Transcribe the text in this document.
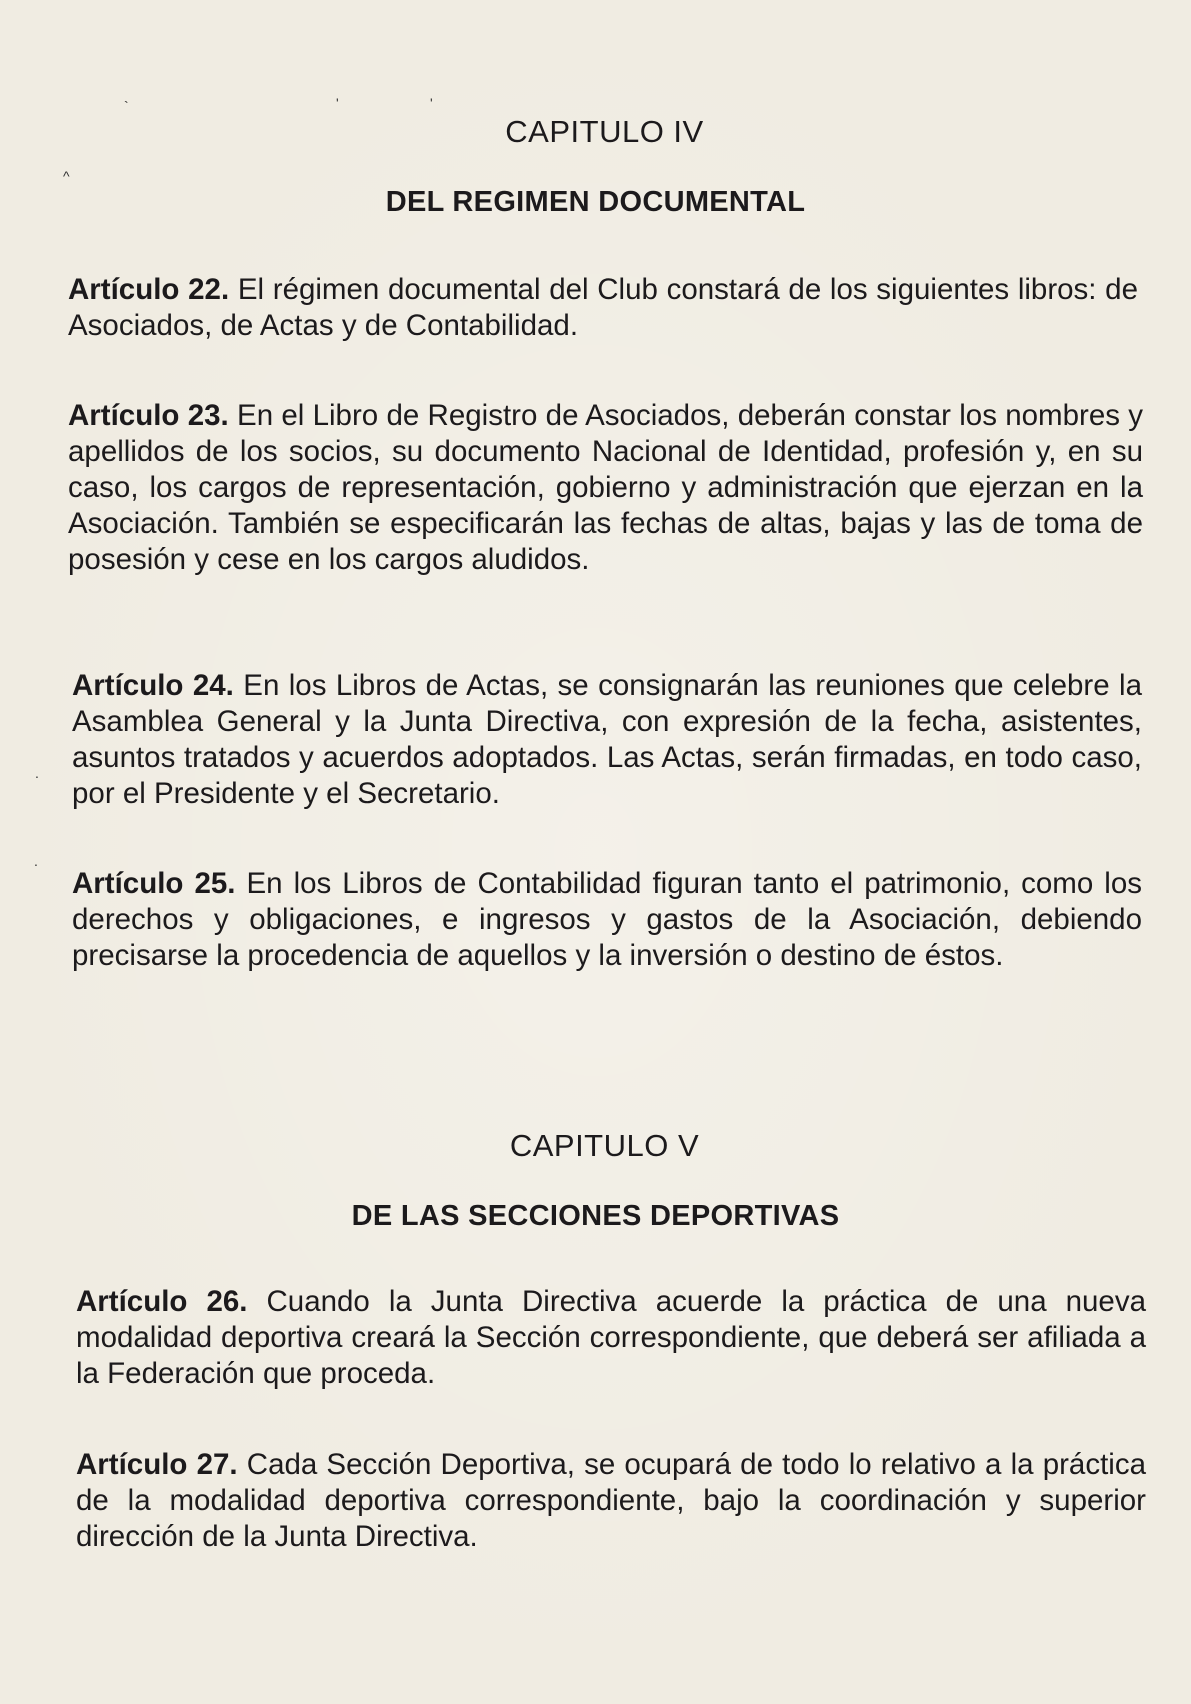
`	'	'
^
.
.
CAPITULO IV
DEL REGIMEN DOCUMENTAL

Artículo 22. El régimen documental del Club constará de los siguientes libros: de Asociados, de Actas y de Contabilidad.

Artículo 23. En el Libro de Registro de Asociados, deberán constar los nombres y apellidos de los socios, su documento Nacional de Identidad, profesión y, en su caso, los cargos de representación, gobierno y administración que ejerzan en la Asociación. También se especificarán las fechas de altas, bajas y las de toma de posesión y cese en los cargos aludidos.

Artículo 24. En los Libros de Actas, se consignarán las reuniones que celebre la Asamblea General y la Junta Directiva, con expresión de la fecha, asistentes, asuntos tratados y acuerdos adoptados. Las Actas, serán firmadas, en todo caso, por el Presidente y el Secretario.

Artículo 25. En los Libros de Contabilidad figuran tanto el patrimonio, como los derechos y obligaciones, e ingresos y gastos de la Asociación, debiendo precisarse la procedencia de aquellos y la inversión o destino de éstos.

CAPITULO V
DE LAS SECCIONES DEPORTIVAS

Artículo 26. Cuando la Junta Directiva acuerde la práctica de una nueva modalidad deportiva creará la Sección correspondiente, que deberá ser afiliada a la Federación que proceda.

Artículo 27. Cada Sección Deportiva, se ocupará de todo lo relativo a la práctica de la modalidad deportiva correspondiente, bajo la coordinación y superior dirección de la Junta Directiva.
